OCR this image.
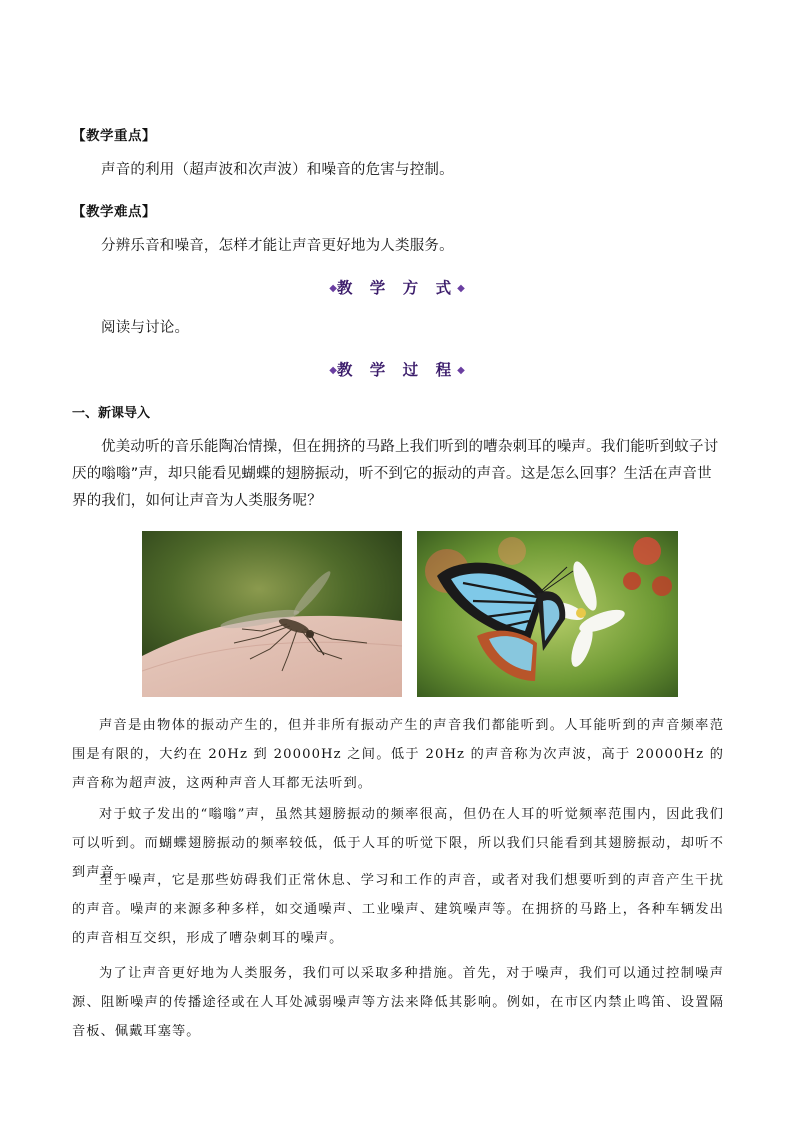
【教学重点】
声音的利用（超声波和次声波）和噪音的危害与控制。
【教学难点】
分辨乐音和噪音，怎样才能让声音更好地为人类服务。
◆教 学 方 式◆
阅读与讨论。
◆教 学 过 程◆
一、新课导入
优美动听的音乐能陶冶情操，但在拥挤的马路上我们听到的嘈杂刺耳的噪声。我们能听到蚊子讨厌的嗡嗡”声，却只能看见蝴蝶的翅膀振动，听不到它的振动的声音。这是怎么回事？生活在声音世界的我们，如何让声音为人类服务呢？
声音是由物体的振动产生的，但并非所有振动产生的声音我们都能听到。人耳能听到的声音频率范围是有限的，大约在 20Hz 到 20000Hz 之间。低于 20Hz 的声音称为次声波，高于 20000Hz 的声音称为超声波，这两种声音人耳都无法听到。
对于蚊子发出的“嗡嗡”声，虽然其翅膀振动的频率很高，但仍在人耳的听觉频率范围内，因此我们可以听到。而蝴蝶翅膀振动的频率较低，低于人耳的听觉下限，所以我们只能看到其翅膀振动，却听不到声音。
至于噪声，它是那些妨碍我们正常休息、学习和工作的声音，或者对我们想要听到的声音产生干扰的声音。噪声的来源多种多样，如交通噪声、工业噪声、建筑噪声等。在拥挤的马路上，各种车辆发出的声音相互交织，形成了嘈杂刺耳的噪声。
为了让声音更好地为人类服务，我们可以采取多种措施。首先，对于噪声，我们可以通过控制噪声源、阻断噪声的传播途径或在人耳处减弱噪声等方法来降低其影响。例如，在市区内禁止鸣笛、设置隔音板、佩戴耳塞等。
